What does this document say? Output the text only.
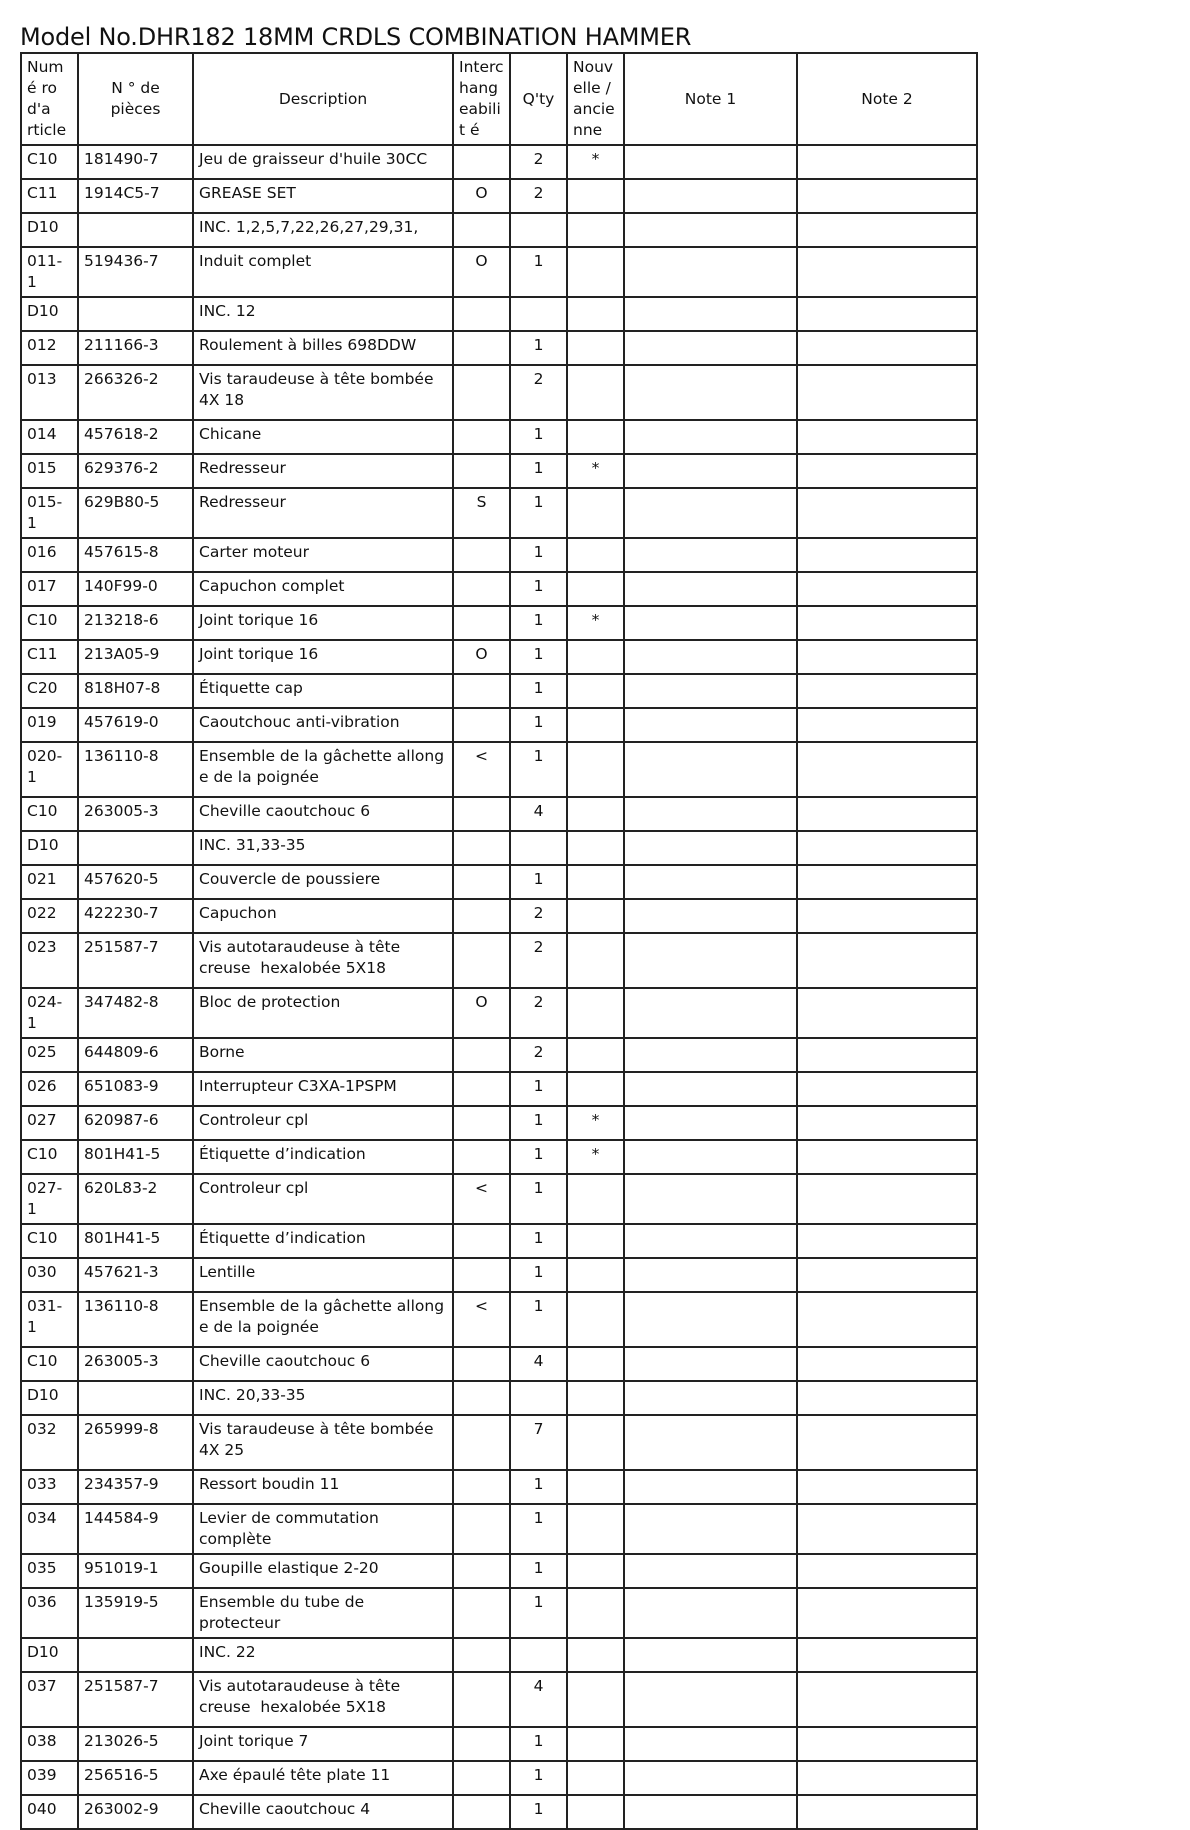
Model No.DHR182 18MM CRDLS COMBINATION HAMMER
Numé ro d'a rticle	N ° de pièces	Description	Interc hang eabilit é	Q'ty	Nouv elle / ancie nne	Note 1	Note 2
C10	181490-7	Jeu de graisseur d'huile 30CC		2	*		
C11	1914C5-7	GREASE SET	O	2			
D10		INC. 1,2,5,7,22,26,27,29,31,					
011-1	519436-7	Induit complet	O	1			
D10		INC. 12					
012	211166-3	Roulement à billes 698DDW		1			
013	266326-2	Vis taraudeuse à tête bombée 4X 18		2			
014	457618-2	Chicane		1			
015	629376-2	Redresseur		1	*		
015-1	629B80-5	Redresseur	S	1			
016	457615-8	Carter moteur		1			
017	140F99-0	Capuchon complet		1			
C10	213218-6	Joint torique 16		1	*		
C11	213A05-9	Joint torique 16	O	1			
C20	818H07-8	Étiquette cap		1			
019	457619-0	Caoutchouc anti-vibration		1			
020-1	136110-8	Ensemble de la gâchette allong e de la poignée	<	1			
C10	263005-3	Cheville caoutchouc 6		4			
D10		INC. 31,33-35					
021	457620-5	Couvercle de poussiere		1			
022	422230-7	Capuchon		2			
023	251587-7	Vis autotaraudeuse à tête creuse  hexalobée 5X18		2			
024-1	347482-8	Bloc de protection	O	2			
025	644809-6	Borne		2			
026	651083-9	Interrupteur C3XA-1PSPM		1			
027	620987-6	Controleur cpl		1	*		
C10	801H41-5	Étiquette d’indication		1	*		
027-1	620L83-2	Controleur cpl	<	1			
C10	801H41-5	Étiquette d’indication		1			
030	457621-3	Lentille		1			
031-1	136110-8	Ensemble de la gâchette allong e de la poignée	<	1			
C10	263005-3	Cheville caoutchouc 6		4			
D10		INC. 20,33-35					
032	265999-8	Vis taraudeuse à tête bombée 4X 25		7			
033	234357-9	Ressort boudin 11		1			
034	144584-9	Levier de commutation complète		1			
035	951019-1	Goupille elastique 2-20		1			
036	135919-5	Ensemble du tube de protecteur		1			
D10		INC. 22					
037	251587-7	Vis autotaraudeuse à tête creuse  hexalobée 5X18		4			
038	213026-5	Joint torique 7		1			
039	256516-5	Axe épaulé tête plate 11		1			
040	263002-9	Cheville caoutchouc 4		1			
